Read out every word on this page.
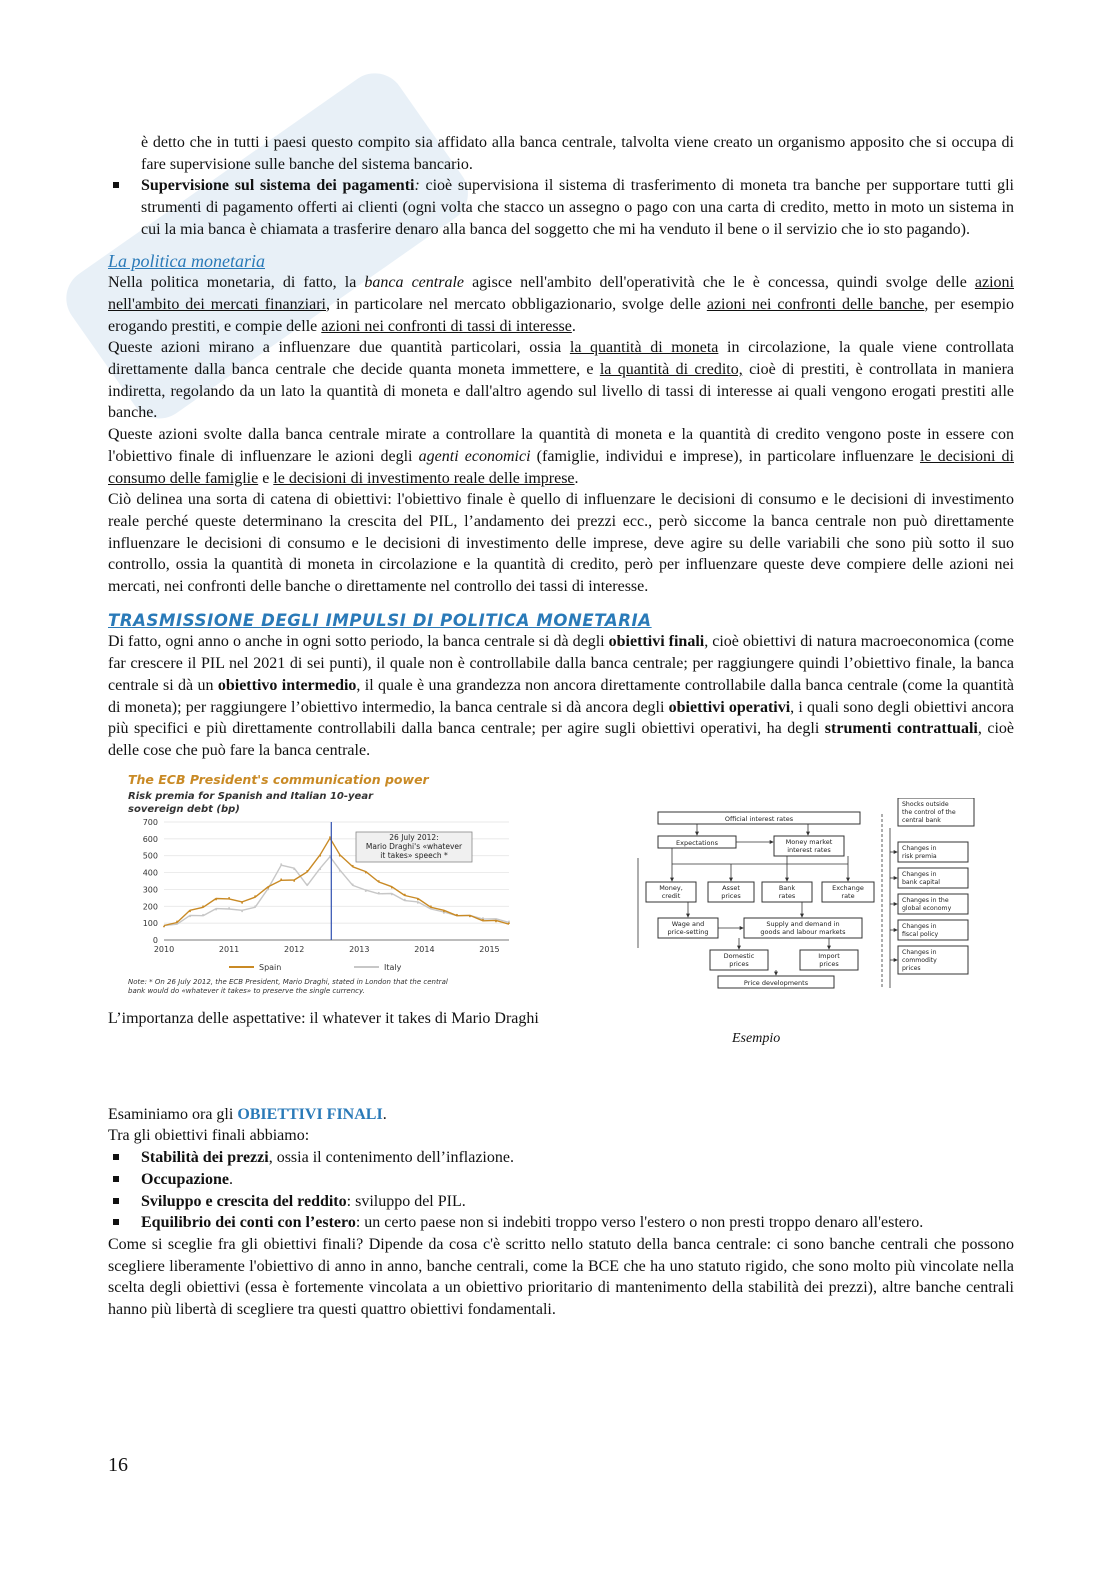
è detto che in tutti i paesi questo compito sia affidato alla banca centrale, talvolta viene creato un organismo apposito che si occupa di fare supervisione sulle banche del sistema bancario.

Supervisione sul sistema dei pagamenti: cioè supervisiona il sistema di trasferimento di moneta tra banche per supportare tutti gli strumenti di pagamento offerti ai clienti (ogni volta che stacco un assegno o pago con una carta di credito, metto in moto un sistema in cui la mia banca è chiamata a trasferire denaro alla banca del soggetto che mi ha venduto il bene o il servizio che io sto pagando).
La politica monetaria

Nella politica monetaria, di fatto, la banca centrale agisce nell'ambito dell'operatività che le è concessa, quindi svolge delle azioni nell'ambito dei mercati finanziari, in particolare nel mercato obbligazionario, svolge delle azioni nei confronti delle banche, per esempio erogando prestiti, e compie delle azioni nei confronti di tassi di interesse.

Queste azioni mirano a influenzare due quantità particolari, ossia la quantità di moneta in circolazione, la quale viene controllata direttamente dalla banca centrale che decide quanta moneta immettere, e la quantità di credito, cioè di prestiti, è controllata in maniera indiretta, regolando da un lato la quantità di moneta e dall'altro agendo sul livello di tassi di interesse ai quali vengono erogati prestiti alle banche.

Queste azioni svolte dalla banca centrale mirate a controllare la quantità di moneta e la quantità di credito vengono poste in essere con l'obiettivo finale di influenzare le azioni degli agenti economici (famiglie, individui e imprese), in particolare influenzare le decisioni di consumo delle famiglie e le decisioni di investimento reale delle imprese.

Ciò delinea una sorta di catena di obiettivi: l'obiettivo finale è quello di influenzare le decisioni di consumo e le decisioni di investimento reale perché queste determinano la crescita del PIL, l’andamento dei prezzi ecc., però siccome la banca centrale non può direttamente influenzare le decisioni di consumo e le decisioni di investimento delle imprese, deve agire su delle variabili che sono più sotto il suo controllo, ossia la quantità di moneta in circolazione e la quantità di credito, però per influenzare queste deve compiere delle azioni nei mercati, nei confronti delle banche o direttamente nel controllo dei tassi di interesse.

TRASMISSIONE DEGLI IMPULSI DI POLITICA MONETARIA

Di fatto, ogni anno o anche in ogni sotto periodo, la banca centrale si dà degli obiettivi finali, cioè obiettivi di natura macroeconomica (come far crescere il PIL nel 2021 di sei punti), il quale non è controllabile dalla banca centrale; per raggiungere quindi l’obiettivo finale, la banca centrale si dà un obiettivo intermedio, il quale è una grandezza non ancora direttamente controllabile dalla banca centrale (come la quantità di moneta); per raggiungere l’obiettivo intermedio, la banca centrale si dà ancora degli obiettivi operativi, i quali sono degli obiettivi ancora più specifici e più direttamente controllabili dalla banca centrale; per agire sugli obiettivi operativi, ha degli strumenti contrattuali, cioè delle cose che può fare la banca centrale.

The ECB President's communication power
Risk premia for Spanish and Italian 10-year
sovereign debt (bp)
0
100
200
300
400
500
600
700
2010	2011	2012	2013	2014	2015
26 July 2012:
Mario Draghi's «whatever
it takes» speech *
Spain	Italy
Note: * On 26 July 2012, the ECB President, Mario Draghi, stated in London that the central
bank would do «whatever it takes» to preserve the single currency.
L’importanza delle aspettative: il whatever it takes di Mario Draghi
Official interest rates
Expectations	Money market
interest rates
Money,
credit
Asset
prices
Bank
rates
Exchange
rate
Wage and
price-setting
Supply and demand in
goods and labour markets
Domestic
prices
Import
prices
Price developments
Shocks outside
the control of the
central bank
Changes in
risk premia
Changes in
bank capital
Changes in the
global economy
Changes in
fiscal policy
Changes in
commodity
prices
Esempio

Esaminiamo ora gli OBIETTIVI FINALI.

Tra gli obiettivi finali abbiamo:

Stabilità dei prezzi, ossia il contenimento dell’inflazione.
Occupazione.
Sviluppo e crescita del reddito: sviluppo del PIL.
Equilibrio dei conti con l’estero: un certo paese non si indebiti troppo verso l'estero o non presti troppo denaro all'estero.

Come si sceglie fra gli obiettivi finali? Dipende da cosa c'è scritto nello statuto della banca centrale: ci sono banche centrali che possono scegliere liberamente l'obiettivo di anno in anno, banche centrali, come la BCE che ha uno statuto rigido, che sono molto più vincolate nella scelta degli obiettivi (essa è fortemente vincolata a un obiettivo prioritario di mantenimento della stabilità dei prezzi), altre banche centrali hanno più libertà di scegliere tra questi quattro obiettivi fondamentali.

16
